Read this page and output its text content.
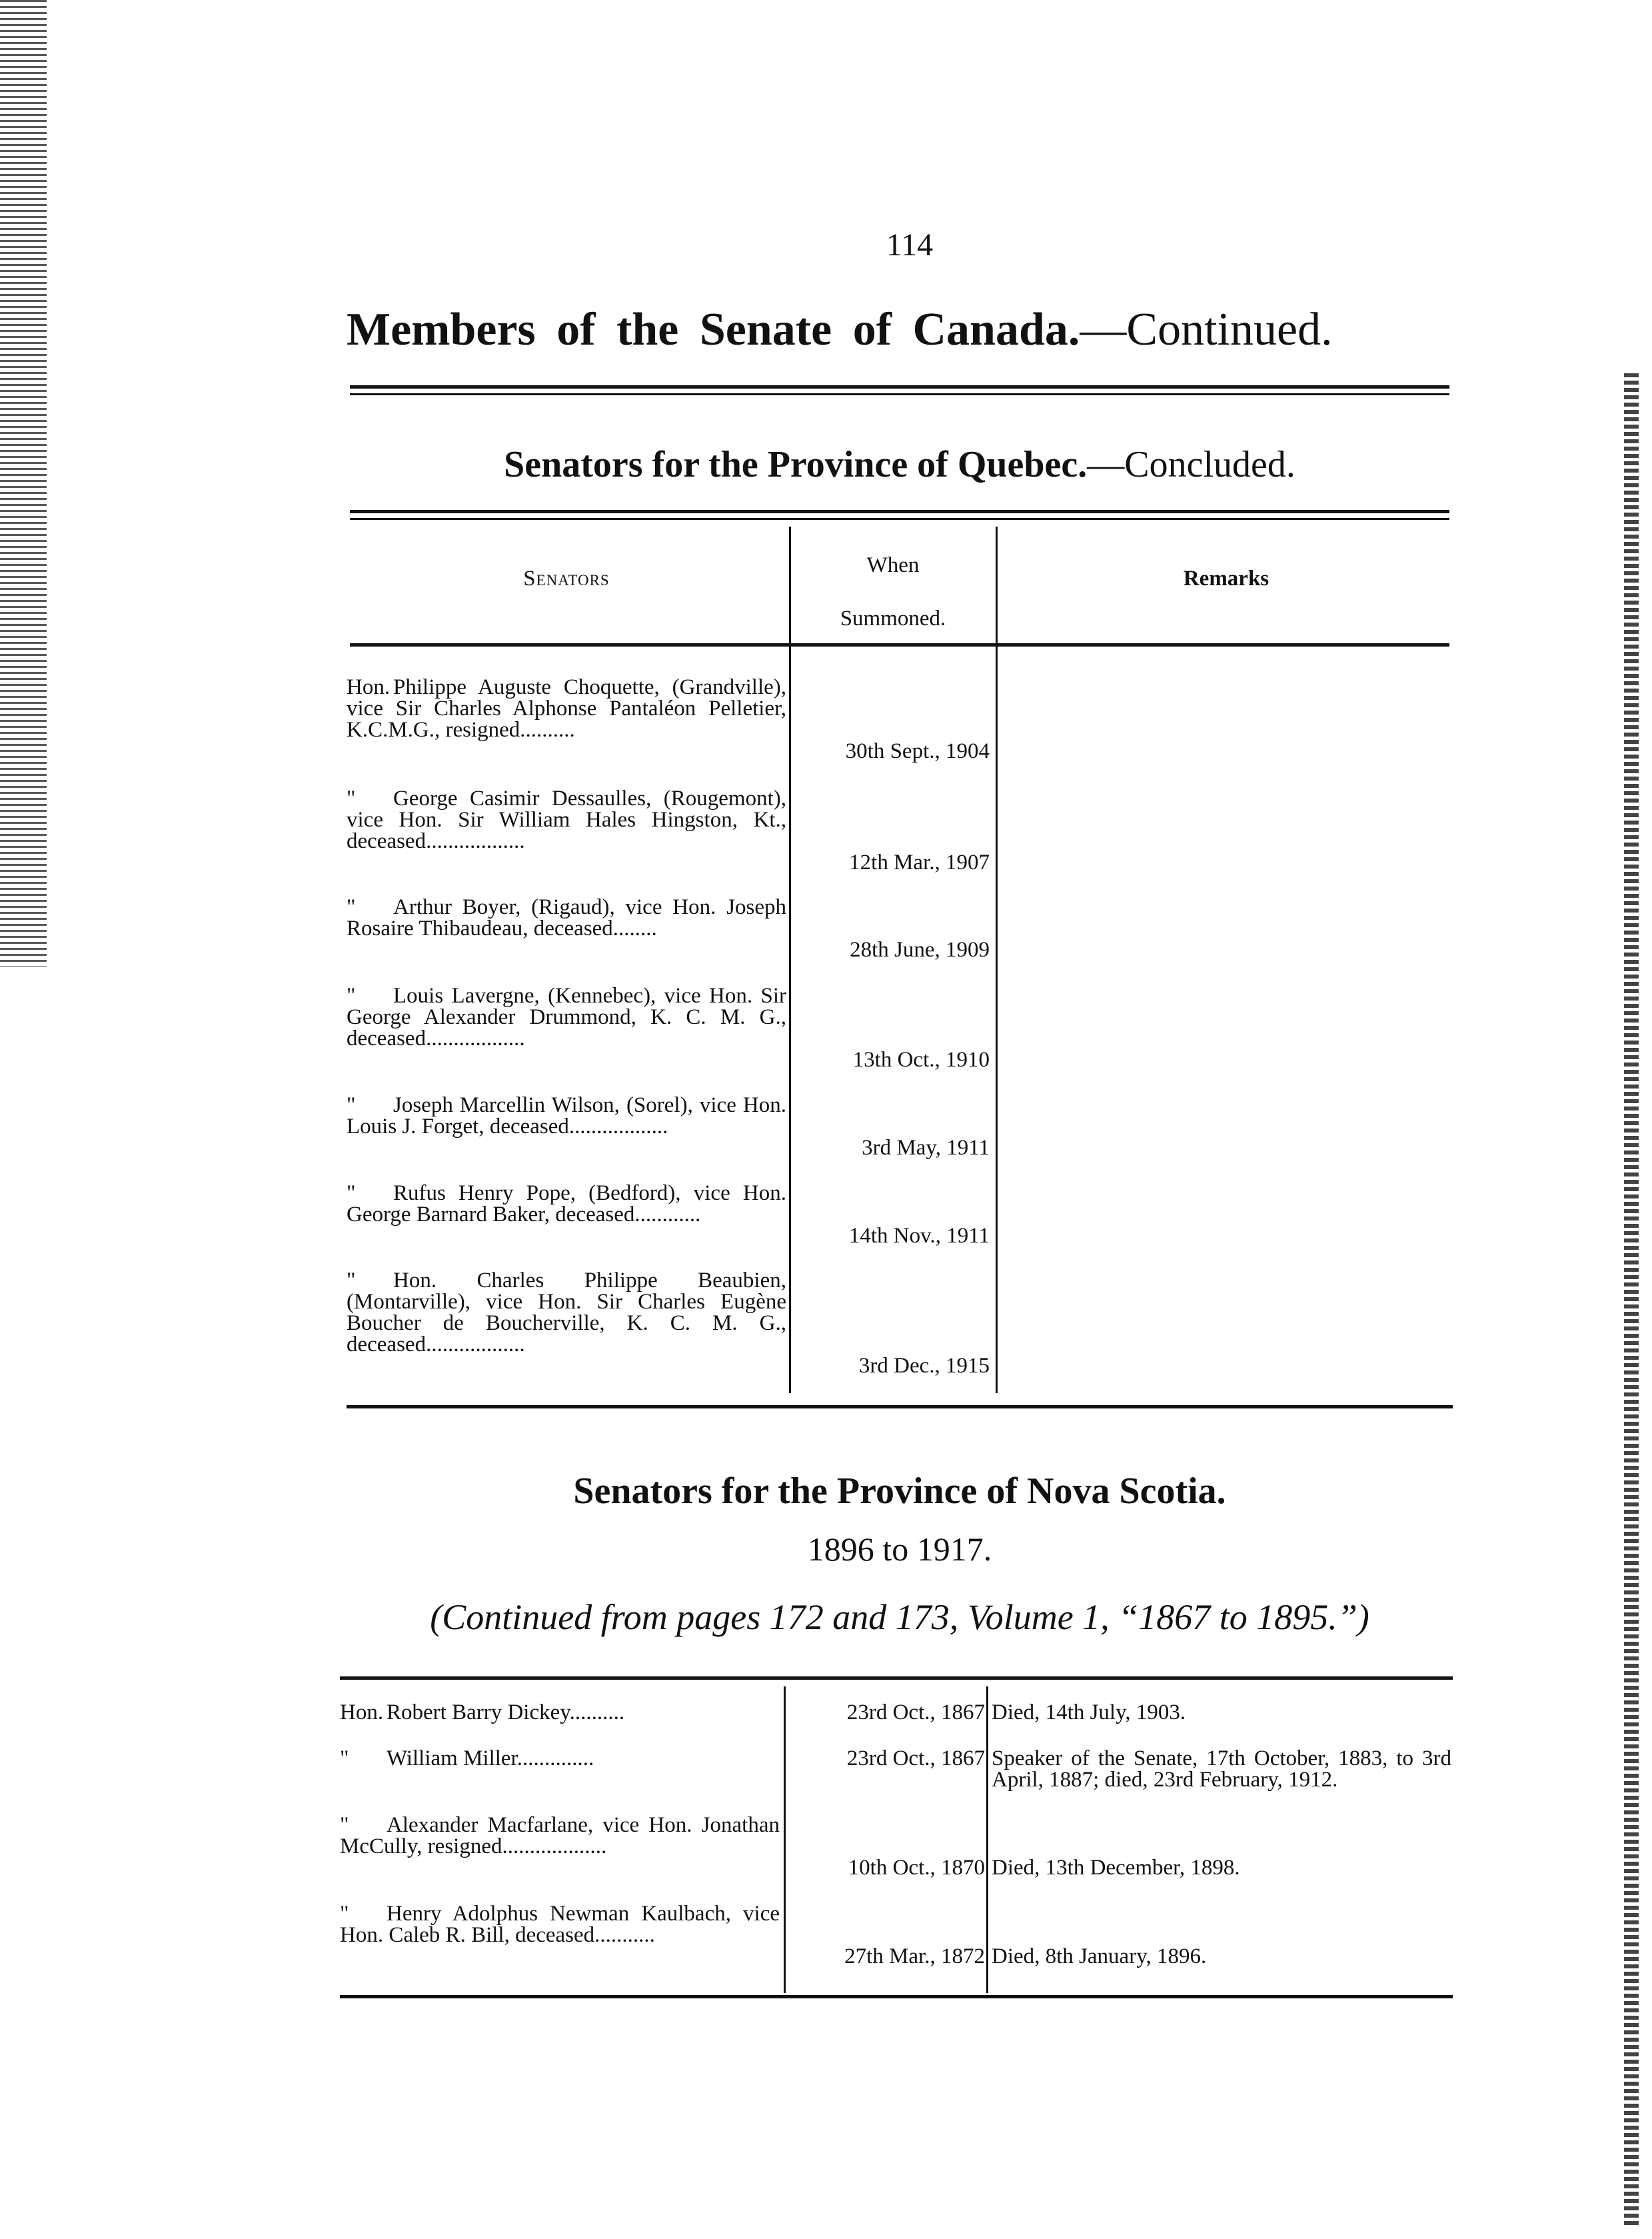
114
Members of the Senate of Canada.—Continued.
Senators for the Province of Quebec.—Concluded.
Senators
When
Summoned.
Remarks
Hon. Philippe Auguste Choquette, (Grandville), vice Sir Charles Alphonse Pantaléon Pelletier, K.C.M.G., resigned..........
30th Sept., 1904
" George Casimir Dessaulles, (Rougemont), vice Hon. Sir William Hales Hingston, Kt., deceased..................
12th Mar., 1907
" Arthur Boyer, (Rigaud), vice Hon. Joseph Rosaire Thibaudeau, deceased........
28th June, 1909
" Louis Lavergne, (Kennebec), vice Hon. Sir George Alexander Drummond, K. C. M. G., deceased..................
13th Oct., 1910
" Joseph Marcellin Wilson, (Sorel), vice Hon. Louis J. Forget, deceased..................
3rd May, 1911
" Rufus Henry Pope, (Bedford), vice Hon. George Barnard Baker, deceased............
14th Nov., 1911
" Hon. Charles Philippe Beaubien, (Montarville), vice Hon. Sir Charles Eugène Boucher de Boucherville, K. C. M. G., deceased..................
3rd Dec., 1915
Senators for the Province of Nova Scotia.
1896 to 1917.
(Continued from pages 172 and 173, Volume 1, “1867 to 1895.”)
Hon. Robert Barry Dickey..........	23rd Oct., 1867 Died, 14th July, 1903.
" William Miller..............	23rd Oct., 1867 Speaker of the Senate, 17th October, 1883, to 3rd April, 1887; died, 23rd February, 1912.
" Alexander Macfarlane, vice Hon. Jonathan McCully, resigned...................
10th Oct., 1870 Died, 13th December, 1898.
" Henry Adolphus Newman Kaulbach, vice Hon. Caleb R. Bill, deceased...........
27th Mar., 1872 Died, 8th January, 1896.
